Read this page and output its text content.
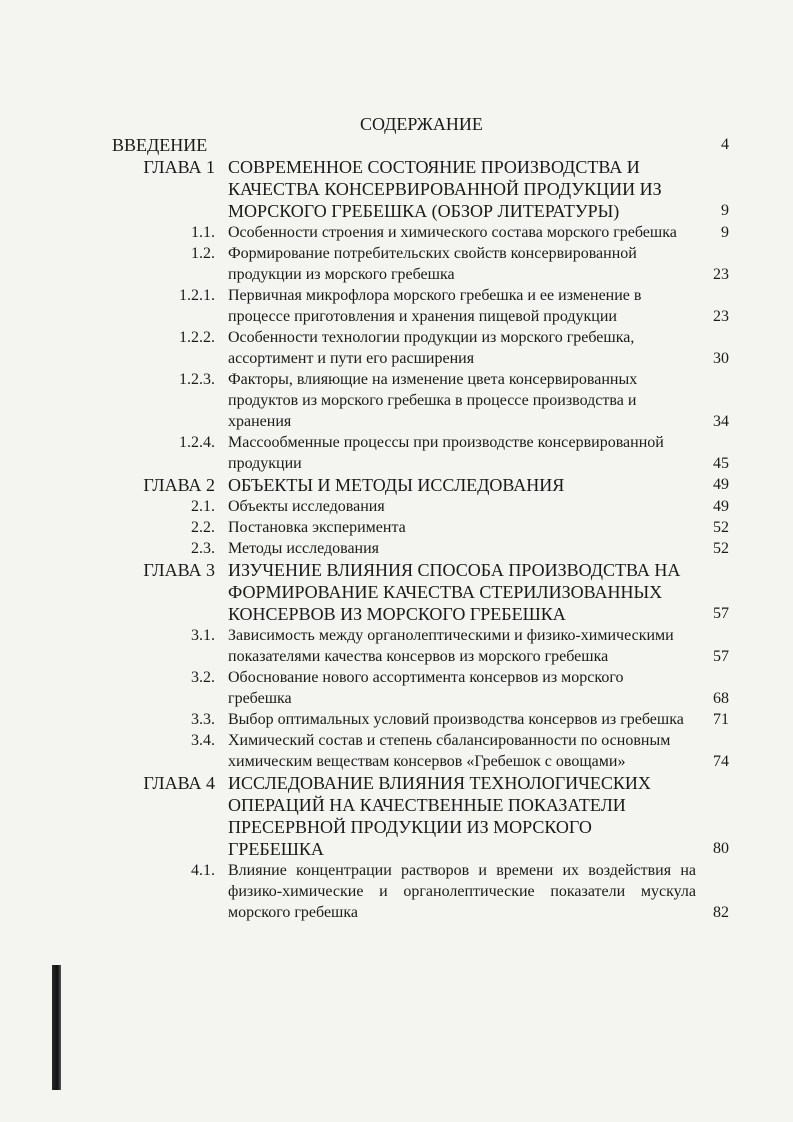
СОДЕРЖАНИЕ
ВВЕДЕНИЕ	4
ГЛАВА 1 СОВРЕМЕННОЕ СОСТОЯНИЕ ПРОИЗВОДСТВА И КАЧЕСТВА КОНСЕРВИРОВАННОЙ ПРОДУКЦИИ ИЗ МОРСКОГО ГРЕБЕШКА (ОБЗОР ЛИТЕРАТУРЫ)	9
1.1. Особенности строения и химического состава морского гребешка	9
1.2. Формирование потребительских свойств консервированной продукции из морского гребешка	23
1.2.1. Первичная микрофлора морского гребешка и ее изменение в процессе приготовления и хранения пищевой продукции	23
1.2.2. Особенности технологии продукции из морского гребешка, ассортимент и пути его расширения	30
1.2.3. Факторы, влияющие на изменение цвета консервированных продуктов из морского гребешка в процессе производства и хранения	34
1.2.4. Массообменные процессы при производстве консервированной продукции	45
ГЛАВА 2 ОБЪЕКТЫ И МЕТОДЫ ИССЛЕДОВАНИЯ	49
2.1. Объекты исследования	49
2.2. Постановка эксперимента	52
2.3. Методы исследования	52
ГЛАВА 3 ИЗУЧЕНИЕ ВЛИЯНИЯ СПОСОБА ПРОИЗВОДСТВА НА ФОРМИРОВАНИЕ КАЧЕСТВА СТЕРИЛИЗОВАННЫХ КОНСЕРВОВ ИЗ МОРСКОГО ГРЕБЕШКА	57
3.1. Зависимость между органолептическими и физико-химическими показателями качества консервов из морского гребешка	57
3.2. Обоснование нового ассортимента консервов из морского гребешка	68
3.3. Выбор оптимальных условий производства консервов из гребешка	71
3.4. Химический состав и степень сбалансированности по основным химическим веществам консервов «Гребешок с овощами»	74
ГЛАВА 4 ИССЛЕДОВАНИЕ ВЛИЯНИЯ ТЕХНОЛОГИЧЕСКИХ ОПЕРАЦИЙ НА КАЧЕСТВЕННЫЕ ПОКАЗАТЕЛИ ПРЕСЕРВНОЙ ПРОДУКЦИИ ИЗ МОРСКОГО ГРЕБЕШКА	80
4.1. Влияние концентрации растворов и времени их воздействия на физико-химические и органолептические показатели мускула морского гребешка	82
